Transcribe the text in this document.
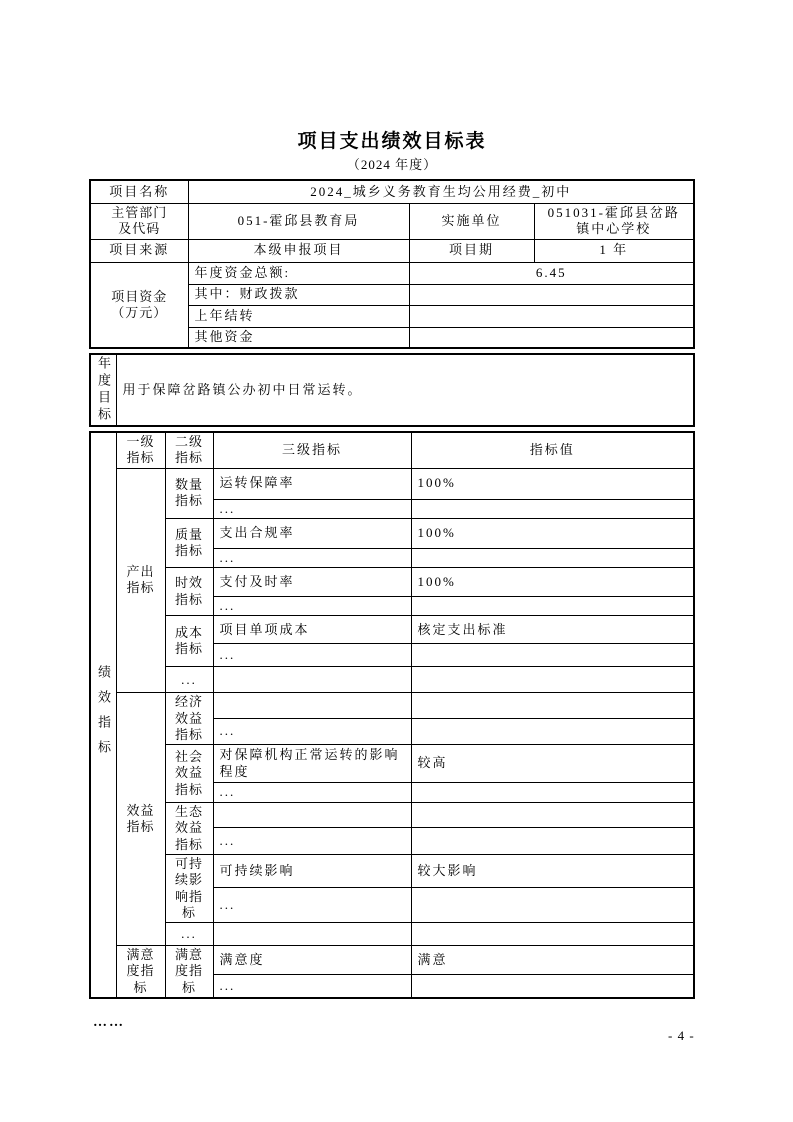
项目支出绩效目标表
（2024 年度）
项目名称	2024_城乡义务教育生均公用经费_初中		
主管部门及代码	051-霍邱县教育局	实施单位	051031-霍邱县岔路镇中心学校
项目来源	本级申报项目	项目期	1 年
项目资金（万元）	年度资金总额:	6.45	
	其中：财政拨款		
	上年结转		
	其他资金		
年度目标	用于保障岔路镇公办初中日常运转。
绩效指标	一级指标	二级指标	三级指标	指标值
	产出指标	数量指标	运转保障率	100%
			...	
		质量指标	支出合规率	100%
			...	
		时效指标	支付及时率	100%
			...	
		成本指标	项目单项成本	核定支出标准
			...	
		...		
	效益指标	经济效益指标		
			...	
		社会效益指标	对保障机构正常运转的影响程度	较高
			...	
		生态效益指标		
			...	
		可持续影响指标	可持续影响	较大影响
			...	
		...		
	满意度指标	满意度指标	满意度	满意
			...	
……
- 4 -
